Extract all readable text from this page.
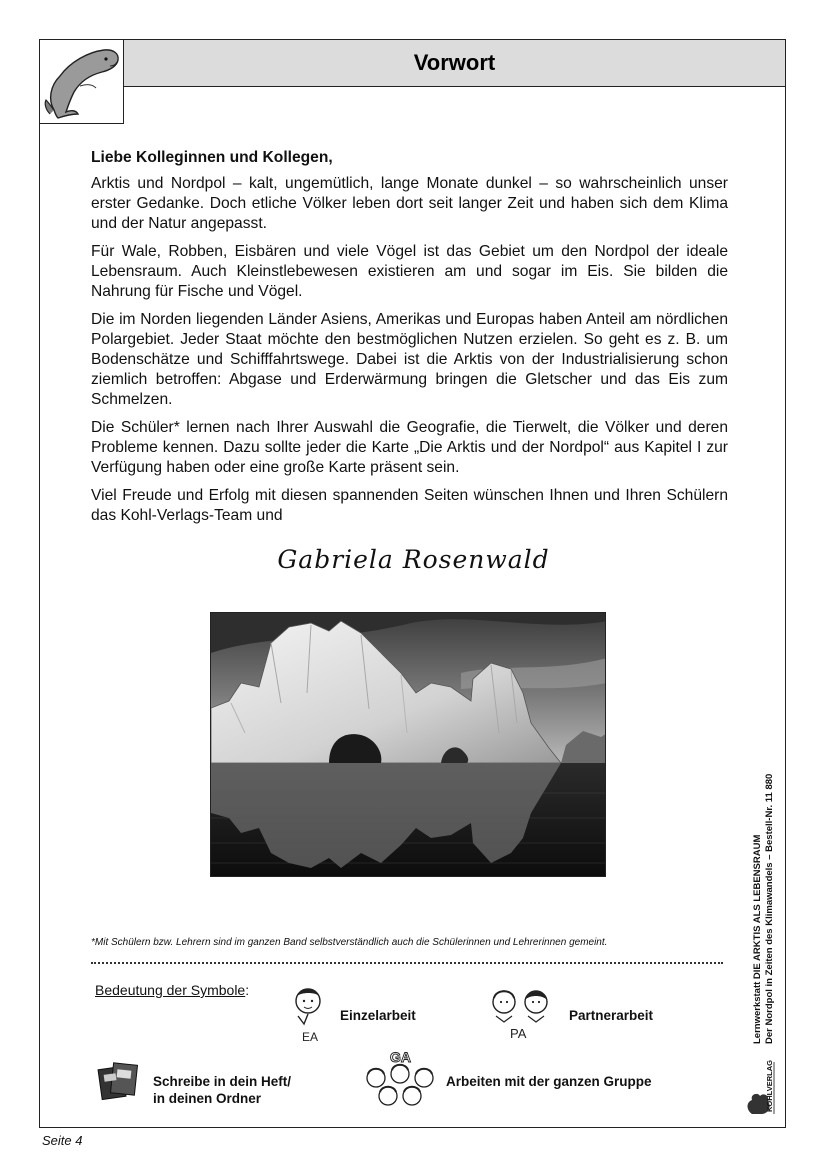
Vorwort

Liebe Kolleginnen und Kollegen,

Arktis und Nordpol – kalt, ungemütlich, lange Monate dunkel – so wahrscheinlich unser erster Gedanke. Doch etliche Völker leben dort seit langer Zeit und haben sich dem Klima und der Natur angepasst.

Für Wale, Robben, Eisbären und viele Vögel ist das Gebiet um den Nordpol der ideale Lebensraum. Auch Kleinstlebewesen existieren am und sogar im Eis. Sie bilden die Nahrung für Fische und Vögel.

Die im Norden liegenden Länder Asiens, Amerikas und Europas haben Anteil am nördlichen Polargebiet. Jeder Staat möchte den bestmöglichen Nutzen erzielen. So geht es z. B. um Bodenschätze und Schifffahrtswege. Dabei ist die Arktis von der Industrialisierung schon ziemlich betroffen: Abgase und Erderwärmung bringen die Gletscher und das Eis zum Schmelzen.

Die Schüler* lernen nach Ihrer Auswahl die Geografie, die Tierwelt, die Völker und deren Probleme kennen. Dazu sollte jeder die Karte „Die Arktis und der Nordpol“ aus Kapitel I zur Verfügung haben oder eine große Karte präsent sein.

Viel Freude und Erfolg mit diesen spannenden Seiten wünschen Ihnen und Ihren Schülern das Kohl-Verlags-Team und

Gabriela Rosenwald
*Mit Schülern bzw. Lehrern sind im ganzen Band selbstverständlich auch die Schülerinnen und Lehrerinnen gemeint.
Bedeutung der Symbole:
EA
Einzelarbeit
PA
Partnerarbeit
Schreibe in dein Heft/
in deinen Ordner
GA
Arbeiten mit der ganzen Gruppe
Lernwerkstatt DIE ARKTIS ALS LEBENSRAUM Der Nordpol in Zeiten des Klimawandels – Bestell-Nr. 11 880
KOHLVERLAG
Seite 4
